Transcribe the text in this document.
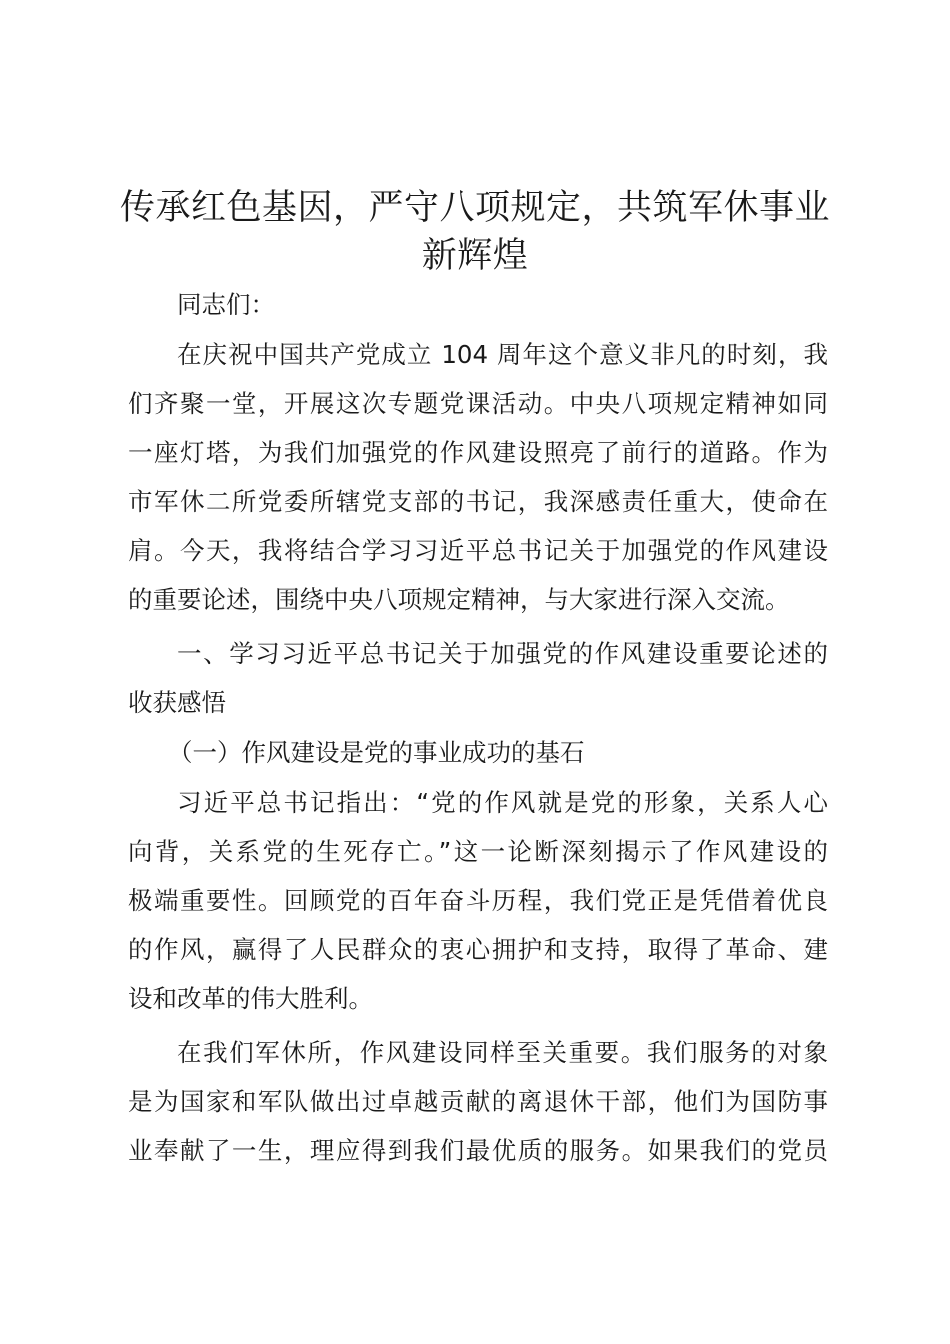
传承红色基因，严守八项规定，共筑军休事业
新辉煌

同志们：

在庆祝中国共产党成立 104 周年这个意义非凡的时刻，我
们齐聚一堂，开展这次专题党课活动。中央八项规定精神如同
一座灯塔，为我们加强党的作风建设照亮了前行的道路。作为
市军休二所党委所辖党支部的书记，我深感责任重大，使命在
肩。今天，我将结合学习习近平总书记关于加强党的作风建设
的重要论述，围绕中央八项规定精神，与大家进行深入交流。

一、学习习近平总书记关于加强党的作风建设重要论述的
收获感悟

（一）作风建设是党的事业成功的基石

习近平总书记指出：“党的作风就是党的形象，关系人心
向背，关系党的生死存亡。”这一论断深刻揭示了作风建设的
极端重要性。回顾党的百年奋斗历程，我们党正是凭借着优良
的作风，赢得了人民群众的衷心拥护和支持，取得了革命、建
设和改革的伟大胜利。

在我们军休所，作风建设同样至关重要。我们服务的对象
是为国家和军队做出过卓越贡献的离退休干部，他们为国防事
业奉献了一生，理应得到我们最优质的服务。如果我们的党员
